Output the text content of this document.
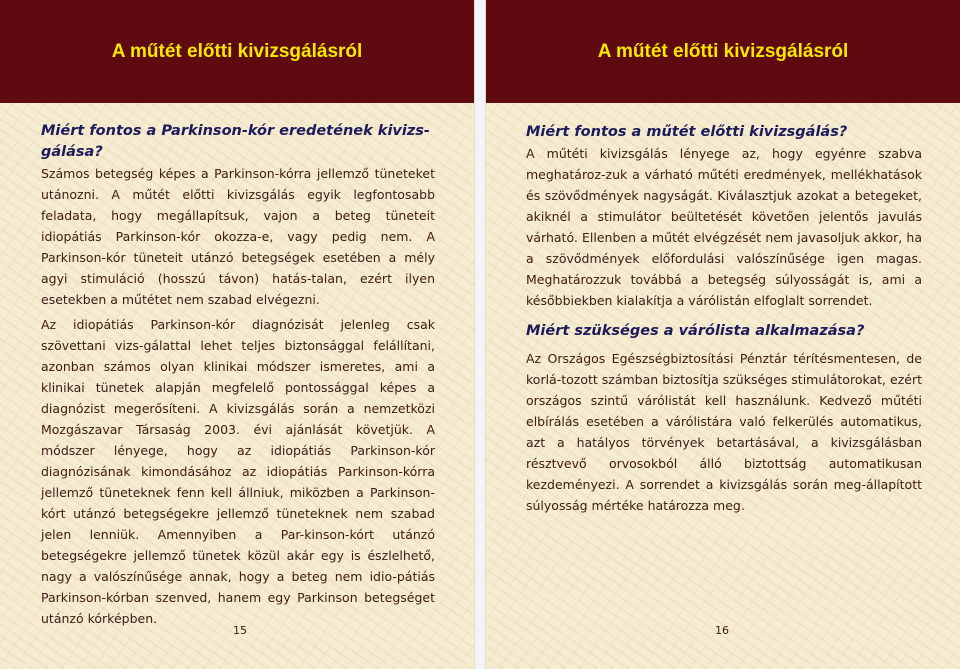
A műtét előtti kivizsgálásról
Miért fontos a Parkinson-kór eredetének kivizs-gálása?

Számos betegség képes a Parkinson-kórra jellemző tüneteket utánozni. A műtét előtti kivizsgálás egyik legfontosabb feladata, hogy megállapítsuk, vajon a beteg tüneteit idiopátiás Parkinson-kór okozza-e, vagy pedig nem. A Parkinson-kór tüneteit utánzó betegségek esetében a mély agyi stimuláció (hosszú távon) hatás-talan, ezért ilyen esetekben a műtétet nem szabad elvégezni.

Az idiopátiás Parkinson-kór diagnózisát jelenleg csak szövettani vizs-gálattal lehet teljes biztonsággal felállítani, azonban számos olyan klinikai módszer ismeretes, ami a klinikai tünetek alapján megfelelő pontossággal képes a diagnózist megerősíteni. A kivizsgálás során a nemzetközi Mozgászavar Társaság 2003. évi ajánlását követjük. A módszer lényege, hogy az idiopátiás Parkinson-kór diagnózisának kimondásához az idiopátiás Parkinson-kórra jellemző tüneteknek fenn kell állniuk, miközben a Parkinson-kórt utánzó betegségekre jellemző tüneteknek nem szabad jelen lenniük. Amennyiben a Par-kinson-kórt utánzó betegségekre jellemző tünetek közül akár egy is észlelhető, nagy a valószínűsége annak, hogy a beteg nem idio-pátiás Parkinson-kórban szenved, hanem egy Parkinson betegséget utánzó kórképben.

15
A műtét előtti kivizsgálásról
Miért fontos a műtét előtti kivizsgálás?

A műtéti kivizsgálás lényege az, hogy egyénre szabva meghatároz-zuk a várható műtéti eredmények, mellékhatások és szövődmények nagyságát. Kiválasztjuk azokat a betegeket, akiknél a stimulátor beültetését követően jelentős javulás várható. Ellenben a műtét elvégzését nem javasoljuk akkor, ha a szövődmények előfordulási valószínűsége igen magas. Meghatározzuk továbbá a betegség súlyosságát is, ami a későbbiekben kialakítja a várólistán elfoglalt sorrendet.

Miért szükséges a várólista alkalmazása?

Az Országos Egészségbiztosítási Pénztár térítésmentesen, de korlá-tozott számban biztosítja szükséges stimulátorokat, ezért országos szintű várólistát kell használunk. Kedvező műtéti elbírálás esetében a várólistára való felkerülés automatikus, azt a hatályos törvények betartásával, a kivizsgálásban résztvevő orvosokból álló biztottság automatikusan kezdeményezi. A sorrendet a kivizsgálás során meg-állapított súlyosság mértéke határozza meg.

16
